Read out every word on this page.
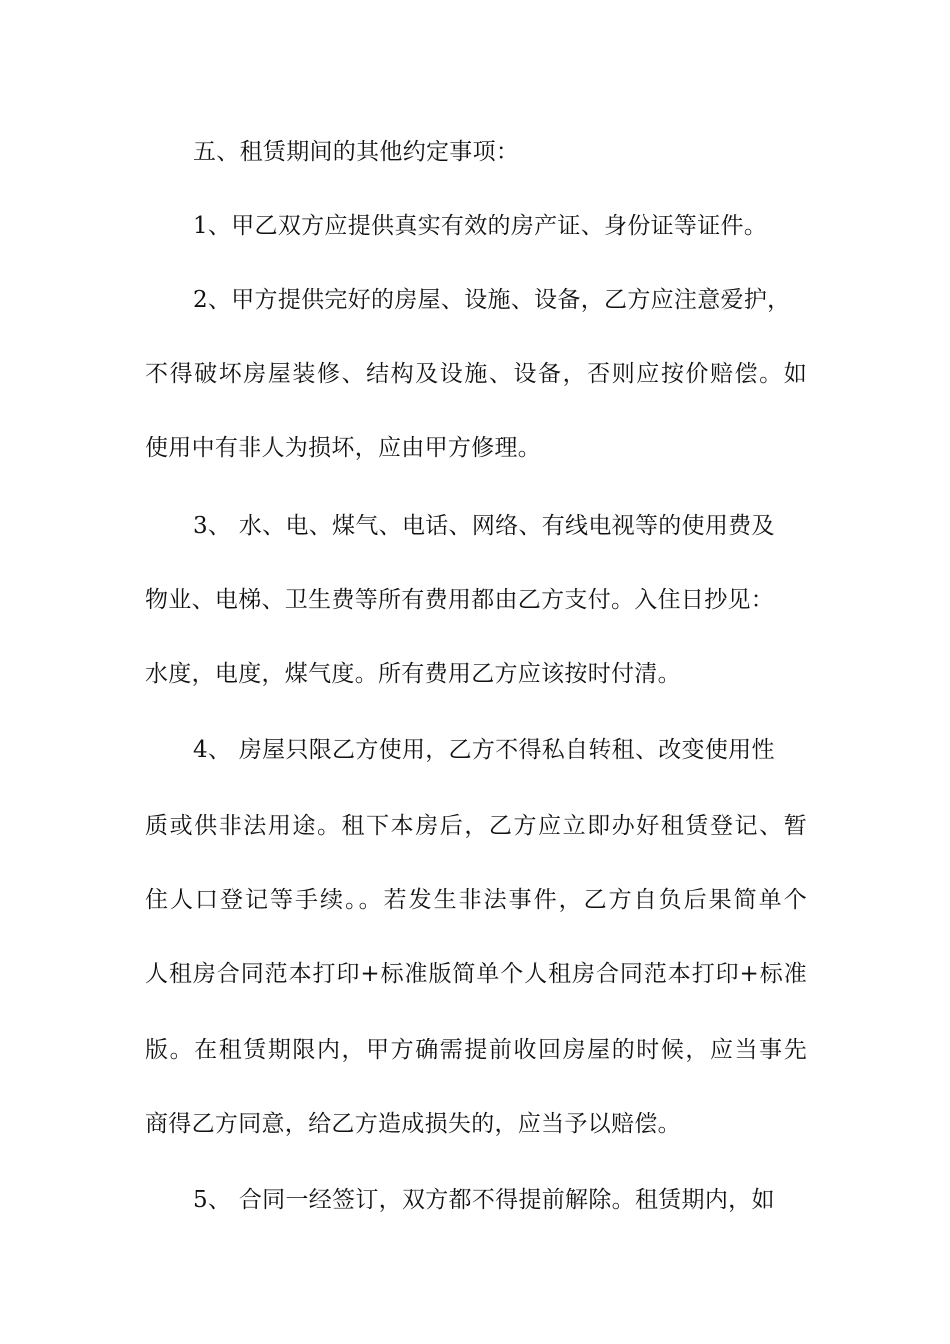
五、租赁期间的其他约定事项：
1、甲乙双方应提供真实有效的房产证、身份证等证件。
2、甲方提供完好的房屋、设施、设备，乙方应注意爱护，
不得破坏房屋装修、结构及设施、设备，否则应按价赔偿。如
使用中有非人为损坏，应由甲方修理。
3、 水、电、煤气、电话、网络、有线电视等的使用费及
物业、电梯、卫生费等所有费用都由乙方支付。入住日抄见：
水度，电度，煤气度。所有费用乙方应该按时付清。
4、 房屋只限乙方使用，乙方不得私自转租、改变使用性
质或供非法用途。租下本房后，乙方应立即办好租赁登记、暂
住人口登记等手续。。若发生非法事件，乙方自负后果简单个
人租房合同范本打印+标准版简单个人租房合同范本打印+标准
版。在租赁期限内，甲方确需提前收回房屋的时候，应当事先
商得乙方同意，给乙方造成损失的，应当予以赔偿。
5、 合同一经签订，双方都不得提前解除。租赁期内，如
